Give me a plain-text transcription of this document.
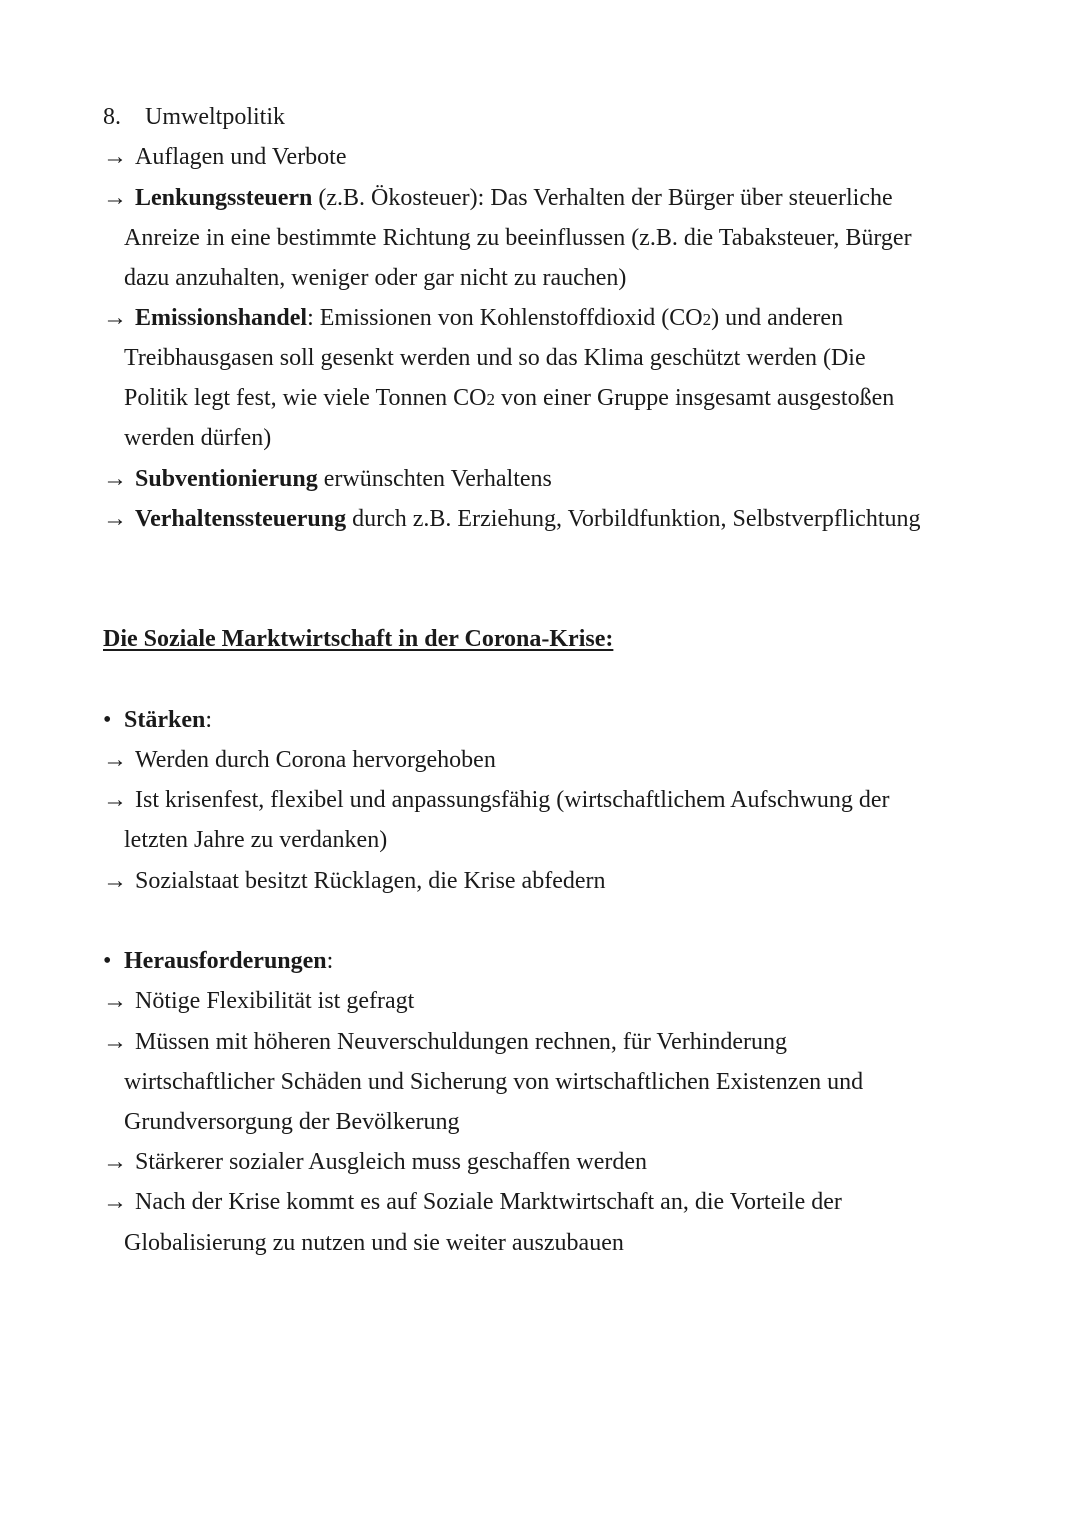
8. Umweltpolitik
→ Auflagen und Verbote
→ Lenkungssteuern (z.B. Ökosteuer): Das Verhalten der Bürger über steuerliche
Anreize in eine bestimmte Richtung zu beeinflussen (z.B. die Tabaksteuer, Bürger
dazu anzuhalten, weniger oder gar nicht zu rauchen)
→ Emissionshandel: Emissionen von Kohlenstoffdioxid (CO2) und anderen
Treibhausgasen soll gesenkt werden und so das Klima geschützt werden (Die
Politik legt fest, wie viele Tonnen CO2 von einer Gruppe insgesamt ausgestoßen
werden dürfen)
→ Subventionierung erwünschten Verhaltens
→ Verhaltenssteuerung durch z.B. Erziehung, Vorbildfunktion, Selbstverpflichtung
Die Soziale Marktwirtschaft in der Corona-Krise:
• Stärken:
→ Werden durch Corona hervorgehoben
→ Ist krisenfest, flexibel und anpassungsfähig (wirtschaftlichem Aufschwung der
letzten Jahre zu verdanken)
→ Sozialstaat besitzt Rücklagen, die Krise abfedern
• Herausforderungen:
→ Nötige Flexibilität ist gefragt
→ Müssen mit höheren Neuverschuldungen rechnen, für Verhinderung
wirtschaftlicher Schäden und Sicherung von wirtschaftlichen Existenzen und
Grundversorgung der Bevölkerung
→ Stärkerer sozialer Ausgleich muss geschaffen werden
→ Nach der Krise kommt es auf Soziale Marktwirtschaft an, die Vorteile der
Globalisierung zu nutzen und sie weiter auszubauen
